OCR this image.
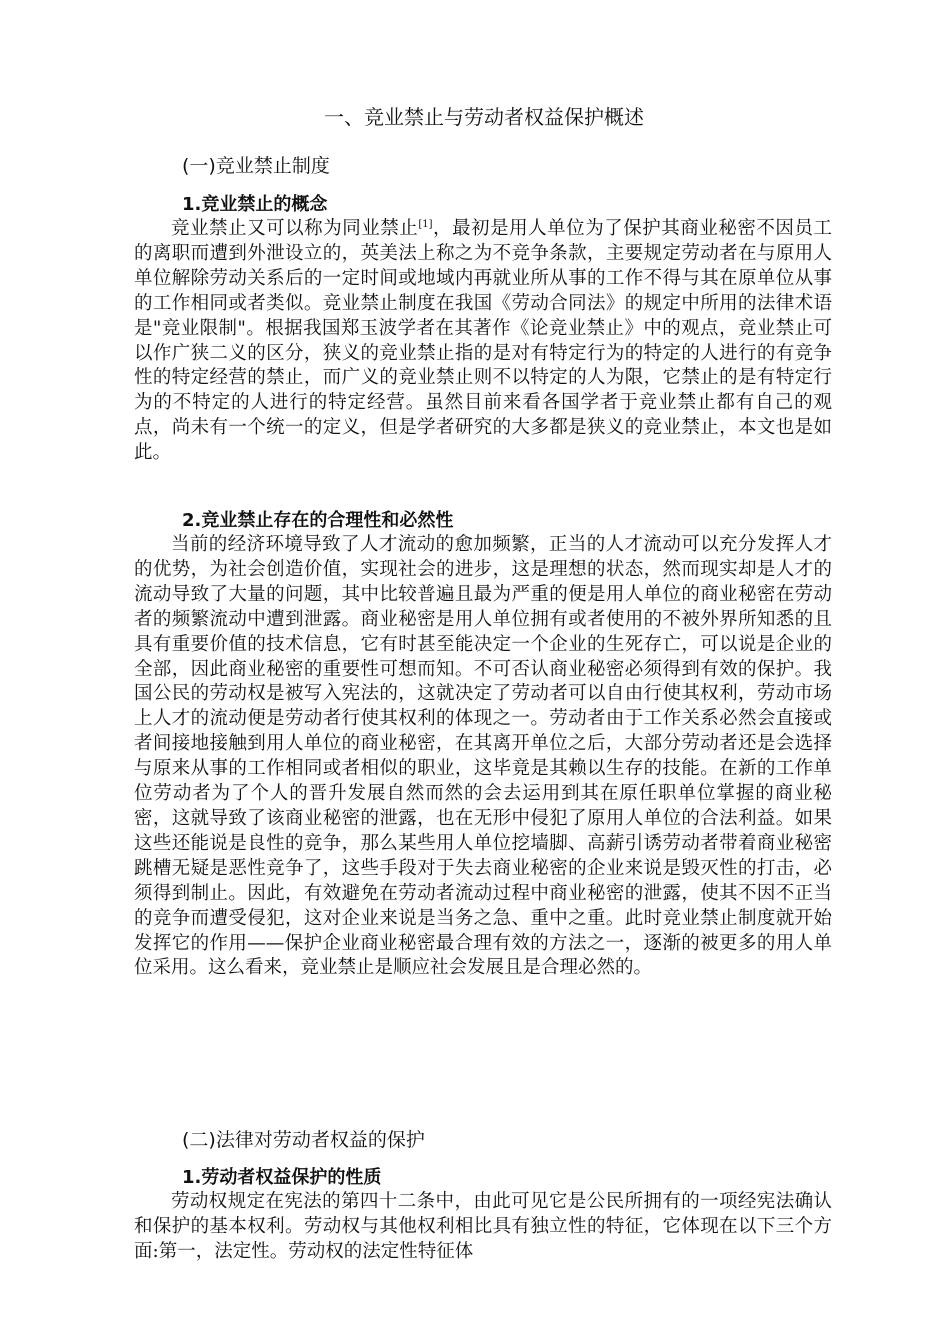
一、竞业禁止与劳动者权益保护概述
(一)竞业禁止制度
1.竞业禁止的概念

竞业禁止又可以称为同业禁止[1]，最初是用人单位为了保护其商业秘密不因员工的离职而遭到外泄设立的，英美法上称之为不竞争条款，主要规定劳动者在与原用人单位解除劳动关系后的一定时间或地域内再就业所从事的工作不得与其在原单位从事的工作相同或者类似。竞业禁止制度在我国《劳动合同法》的规定中所用的法律术语是"竞业限制"。根据我国郑玉波学者在其著作《论竞业禁止》中的观点，竞业禁止可以作广狭二义的区分，狭义的竞业禁止指的是对有特定行为的特定的人进行的有竞争性的特定经营的禁止，而广义的竞业禁止则不以特定的人为限，它禁止的是有特定行为的不特定的人进行的特定经营。虽然目前来看各国学者于竞业禁止都有自己的观点，尚未有一个统一的定义，但是学者研究的大多都是狭义的竞业禁止，本文也是如此。

2.竞业禁止存在的合理性和必然性

当前的经济环境导致了人才流动的愈加频繁，正当的人才流动可以充分发挥人才的优势，为社会创造价值，实现社会的进步，这是理想的状态，然而现实却是人才的流动导致了大量的问题，其中比较普遍且最为严重的便是用人单位的商业秘密在劳动者的频繁流动中遭到泄露。商业秘密是用人单位拥有或者使用的不被外界所知悉的且具有重要价值的技术信息，它有时甚至能决定一个企业的生死存亡，可以说是企业的全部，因此商业秘密的重要性可想而知。不可否认商业秘密必须得到有效的保护。我国公民的劳动权是被写入宪法的，这就决定了劳动者可以自由行使其权利，劳动市场上人才的流动便是劳动者行使其权利的体现之一。劳动者由于工作关系必然会直接或者间接地接触到用人单位的商业秘密，在其离开单位之后，大部分劳动者还是会选择与原来从事的工作相同或者相似的职业，这毕竟是其赖以生存的技能。在新的工作单位劳动者为了个人的晋升发展自然而然的会去运用到其在原任职单位掌握的商业秘密，这就导致了该商业秘密的泄露，也在无形中侵犯了原用人单位的合法利益。如果这些还能说是良性的竞争，那么某些用人单位挖墙脚、高薪引诱劳动者带着商业秘密跳槽无疑是恶性竞争了，这些手段对于失去商业秘密的企业来说是毁灭性的打击，必须得到制止。因此，有效避免在劳动者流动过程中商业秘密的泄露，使其不因不正当的竞争而遭受侵犯，这对企业来说是当务之急、重中之重。此时竞业禁止制度就开始发挥它的作用——保护企业商业秘密最合理有效的方法之一，逐渐的被更多的用人单位采用。这么看来，竞业禁止是顺应社会发展且是合理必然的。

(二)法律对劳动者权益的保护
1.劳动者权益保护的性质

劳动权规定在宪法的第四十二条中，由此可见它是公民所拥有的一项经宪法确认和保护的基本权利。劳动权与其他权利相比具有独立性的特征，它体现在以下三个方面:第一，法定性。劳动权的法定性特征体
